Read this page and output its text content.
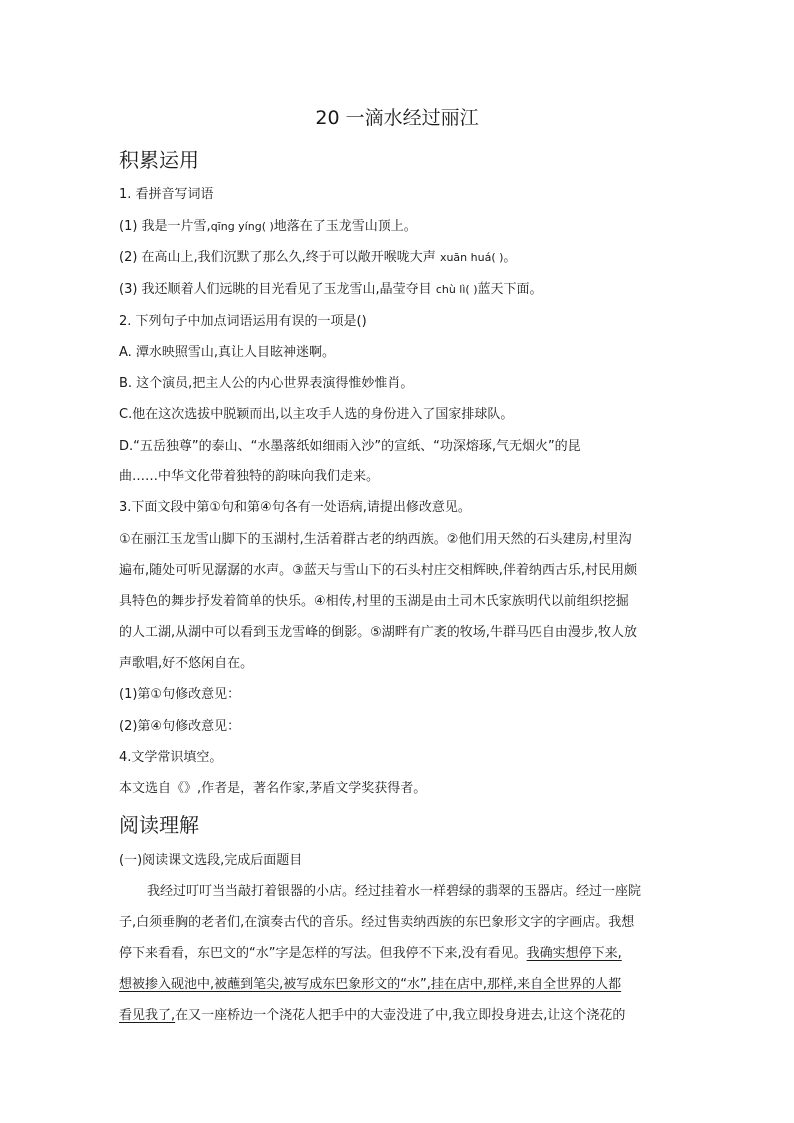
20 一滴水经过丽江
积累运用
1. 看拼音写词语
(1) 我是一片雪,qīng yíng( )地落在了玉龙雪山顶上。
(2) 在高山上,我们沉默了那么久,终于可以敞开喉咙大声 xuān huá( )。
(3) 我还顺着人们远眺的目光看见了玉龙雪山,晶莹夺目 chù lì( )蓝天下面。
2. 下列句子中加点词语运用有误的一项是()
A. 潭水映照雪山,真让人目眩神迷啊。
B. 这个演员,把主人公的内心世界表演得惟妙惟肖。
C.他在这次选拔中脱颖而出,以主攻手人选的身份进入了国家排球队。
D.“五岳独尊”的泰山、“水墨落纸如细雨入沙”的宣纸、“功深熔琢,气无烟火”的昆
曲……中华文化带着独特的韵味向我们走来。
3.下面文段中第①句和第④句各有一处语病,请提出修改意见。
①在丽江玉龙雪山脚下的玉湖村,生活着群古老的纳西族。②他们用天然的石头建房,村里沟
遍布,随处可听见潺潺的水声。③蓝天与雪山下的石头村庄交相辉映,伴着纳西古乐,村民用颇
具特色的舞步抒发着简单的快乐。④相传,村里的玉湖是由土司木氏家族明代以前组织挖掘
的人工湖,从湖中可以看到玉龙雪峰的倒影。⑤湖畔有广袤的牧场,牛群马匹自由漫步,牧人放
声歌唱,好不悠闲自在。
(1)第①句修改意见：
(2)第④句修改意见：
4.文学常识填空。
本文选自《》,作者是，著名作家,茅盾文学奖获得者。
阅读理解
(一)阅读课文选段,完成后面题目
我经过叮叮当当敲打着银器的小店。经过挂着水一样碧绿的翡翠的玉器店。经过一座院
子,白须垂胸的老者们,在演奏古代的音乐。经过售卖纳西族的东巴象形文字的字画店。我想
停下来看看，东巴文的“水”字是怎样的写法。但我停不下来,没有看见。我确实想停下来,
想被掺入砚池中,被蘸到笔尖,被写成东巴象形文的“水”,挂在店中,那样,来自全世界的人都
看见我了,在又一座桥边一个浇花人把手中的大壶没进了中,我立即投身进去,让这个浇花的
